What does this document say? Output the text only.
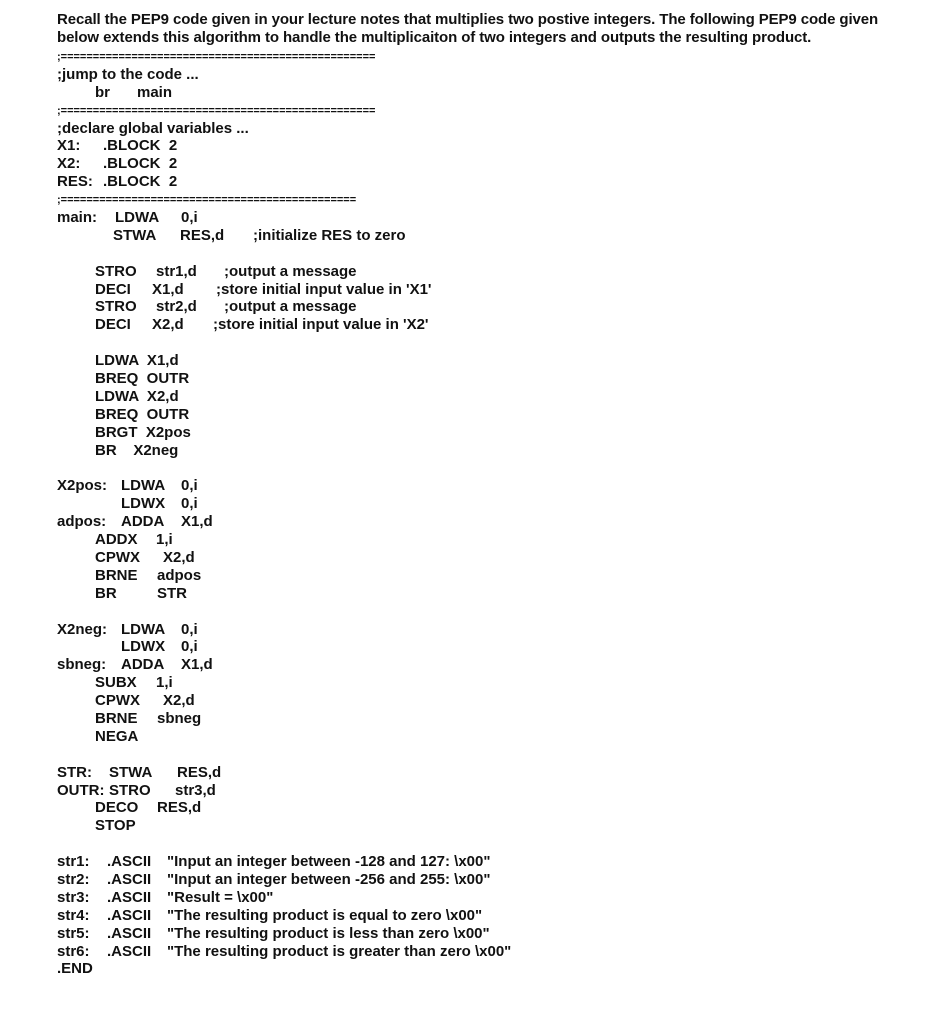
Recall the PEP9 code given in your lecture notes that multiplies two postive integers. The following PEP9 code given below extends this algorithm to handle the multiplicaiton of two integers and outputs the resulting product.

;=================================================
;jump to the code ...
br main
;=================================================
;declare global variables ...
X1: .BLOCK  2
X2: .BLOCK  2
RES: .BLOCK  2
;==============================================
main: LDWA 0,i
STWA RES,d ;initialize RES to zero
STRO str1,d ;output a message
DECI X1,d ;store initial input value in 'X1'
STRO str2,d ;output a message
DECI X2,d ;store initial input value in 'X2'
LDWA  X1,d
BREQ  OUTR
LDWA  X2,d
BREQ  OUTR
BRGT  X2pos
BR    X2neg
X2pos: LDWA 0,i
LDWX 0,i
adpos: ADDA X1,d
ADDX 1,i
CPWX X2,d
BRNE adpos
BR	STR
X2neg: LDWA 0,i
LDWX 0,i
sbneg: ADDA X1,d
SUBX 1,i
CPWX X2,d
BRNE sbneg
NEGA
STR: STWA RES,d
OUTR: STRO str3,d
DECO RES,d
STOP
str1: .ASCII "Input an integer between -128 and 127: \x00"
str2: .ASCII "Input an integer between -256 and 255: \x00"
str3: .ASCII "Result = \x00"
str4: .ASCII "The resulting product is equal to zero \x00"
str5: .ASCII "The resulting product is less than zero \x00"
str6: .ASCII "The resulting product is greater than zero \x00"
.END
